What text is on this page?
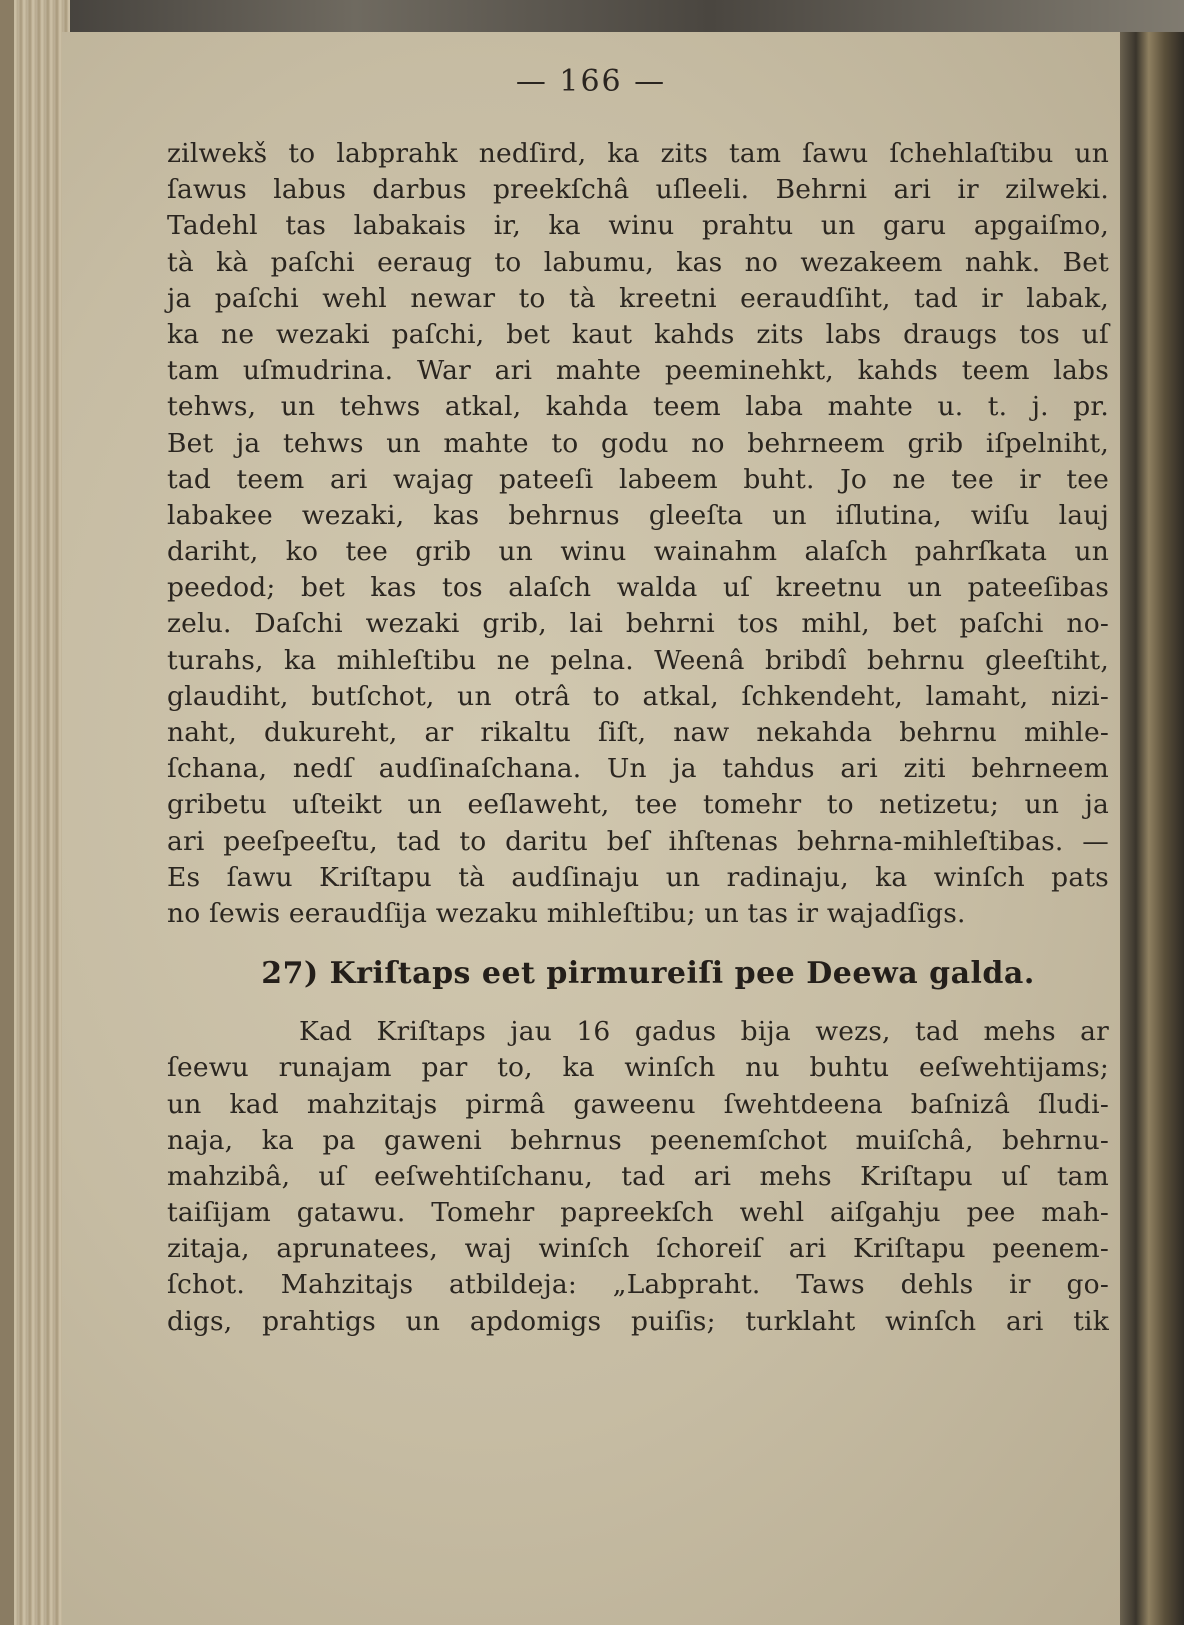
— 166 —
zilwekš to labprahk nedſird, ka zits tam ſawu ſchehlaſtibu un
ſawus labus darbus preekſchâ uſleeli. Behrni ari ir zilweki.
Tadehl tas labakais ir, ka winu prahtu un garu apgaiſmo,
tà kà paſchi eeraug to labumu, kas no wezakeem nahk. Bet
ja paſchi wehl newar to tà kreetni eeraudſiht, tad ir labak,
ka ne wezaki paſchi, bet kaut kahds zits labs draugs tos uſ
tam uſmudrina. War ari mahte peeminehkt, kahds teem labs
tehws, un tehws atkal, kahda teem laba mahte u. t. j. pr.
Bet ja tehws un mahte to godu no behrneem grib iſpelniht,
tad teem ari wajag pateeſi labeem buht. Jo ne tee ir tee
labakee wezaki, kas behrnus gleeſta un iſlutina, wiſu lauj
dariht, ko tee grib un winu wainahm alaſch pahrſkata un
peedod; bet kas tos alaſch walda uſ kreetnu un pateeſibas
zelu. Daſchi wezaki grib, lai behrni tos mihl, bet paſchi no-
turahs, ka mihleſtibu ne pelna. Weenâ bribdî behrnu gleeſtiht,
glaudiht, butſchot, un otrâ to atkal, ſchkendeht, lamaht, nizi-
naht, dukureht, ar rikaltu ſiſt, naw nekahda behrnu mihle-
ſchana, nedſ audſinaſchana. Un ja tahdus ari ziti behrneem
gribetu uſteikt un eeſlaweht, tee tomehr to netizetu; un ja
ari peeſpeeſtu, tad to daritu beſ ihſtenas behrna-mihleſtibas. —
Es ſawu Kriſtapu tà audſinaju un radinaju, ka winſch pats
no ſewis eeraudſija wezaku mihleſtibu; un tas ir wajadſigs.
27) Kriſtaps eet pirmureiſi pee Deewa galda.
Kad Kriſtaps jau 16 gadus bija wezs, tad mehs ar
ſeewu runajam par to, ka winſch nu buhtu eeſwehtijams;
un kad mahzitajs pirmâ gaweenu ſwehtdeena baſnizâ ſludi-
naja, ka pa gaweni behrnus peenemſchot muiſchâ, behrnu-
mahzibâ, uſ eeſwehtiſchanu, tad ari mehs Kriſtapu uſ tam
taiſijam gatawu. Tomehr papreekſch wehl aiſgahju pee mah-
zitaja, aprunatees, waj winſch ſchoreiſ ari Kriſtapu peenem-
ſchot. Mahzitajs atbildeja: „Labpraht. Taws dehls ir go-
digs, prahtigs un apdomigs puiſis; turklaht winſch ari tik
